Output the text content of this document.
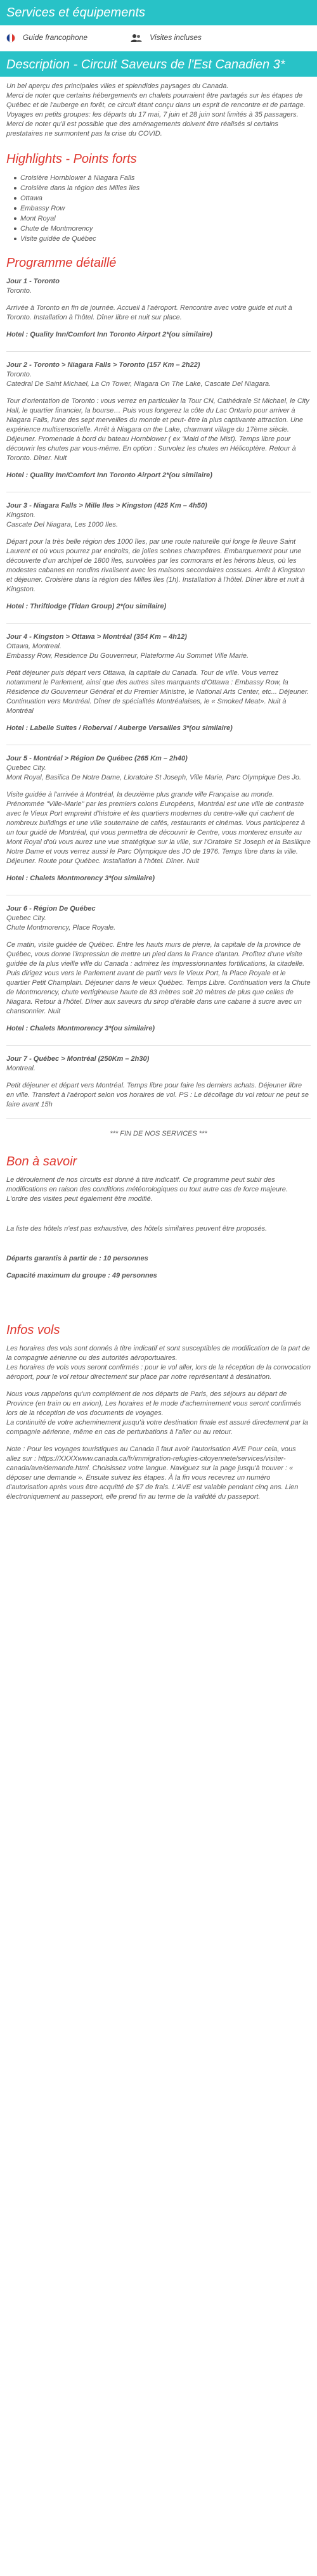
Services et équipements
Guide francophone	Visites incluses
Description - Circuit Saveurs de l'Est Canadien 3*

Un bel aperçu des principales villes et splendides paysages du Canada.

Merci de noter que certains hébergements en chalets pourraient être partagés sur les étapes de Québec et de l'auberge en forêt, ce circuit étant conçu dans un esprit de rencontre et de partage.

Voyages en petits groupes: les départs du 17 mai, 7 juin et 28 juin sont limités à 35 passagers.

Merci de noter qu'il est possible que des aménagements doivent être réalisés si certains prestataires ne surmontent pas la crise du COVID.

Highlights - Points forts
Croisière Hornblower à Niagara Falls
Croisière dans la région des Milles îles
Ottawa
Embassy Row
Mont Royal
Chute de Montmorency
Visite guidée de Québec
Programme détaillé
Jour 1 - Toronto
Toronto.
Arrivée à Toronto en fin de journée. Accueil à l'aéroport. Rencontre avec votre guide et nuit à Toronto. Installation à l'hôtel. Dîner libre et nuit sur place.
Hotel : Quality Inn/Comfort Inn Toronto Airport 2*(ou similaire)
Jour 2 - Toronto > Niagara Falls > Toronto (157 Km – 2h22)
Toronto.
Catedral De Saint Michael, La Cn Tower, Niagara On The Lake, Cascate Del Niagara.
Tour d'orientation de Toronto : vous verrez en particulier la Tour CN, Cathédrale St Michael, le City Hall, le quartier financier, la bourse… Puis vous longerez la côte du Lac Ontario pour arriver à Niagara Falls, l'une des sept merveilles du monde et peut- être la plus captivante attraction. Une expérience multisensorielle. Arrêt à Niagara on the Lake, charmant village du 17ème siècle. Déjeuner. Promenade à bord du bateau Hornblower ( ex 'Maid of the Mist). Temps libre pour découvrir les chutes par vous-même. En option : Survolez les chutes en Hélicoptère. Retour à Toronto. Dîner. Nuit
Hotel : Quality Inn/Comfort Inn Toronto Airport 2*(ou similaire)
Jour 3 - Niagara Falls > Mille Iles > Kingston (425 Km – 4h50)
Kingston.
Cascate Del Niagara, Les 1000 Iles.
Départ pour la très belle région des 1000 îles, par une route naturelle qui longe le fleuve Saint Laurent et où vous pourrez par endroits, de jolies scènes champêtres. Embarquement pour une découverte d'un archipel de 1800 îles, survolées par les cormorans et les hérons bleus, où les modestes cabanes en rondins rivalisent avec les maisons secondaires cossues. Arrêt à Kingston et déjeuner. Croisière dans la région des Milles îles (1h). Installation à l'hôtel. Dîner libre et nuit à Kingston.
Hotel : Thriftlodge (Tidan Group) 2*(ou similaire)
Jour 4 - Kingston > Ottawa > Montréal (354 Km – 4h12)
Ottawa, Montreal.
Embassy Row, Residence Du Gouverneur, Plateforme Au Sommet Ville Marie.
Petit déjeuner puis départ vers Ottawa, la capitale du Canada. Tour de ville. Vous verrez notamment le Parlement, ainsi que des autres sites marquants d'Ottawa : Embassy Row, la Résidence du Gouverneur Général et du Premier Ministre, le National Arts Center, etc... Déjeuner. Continuation vers Montréal. Dîner de spécialités Montréalaises, le « Smoked Meat». Nuit à Montréal
Hotel : Labelle Suites / Roberval / Auberge Versailles 3*(ou similaire)
Jour 5 - Montréal > Région De Québec (265 Km – 2h40)
Quebec City.
Mont Royal, Basilica De Notre Dame, Lloratoire St Joseph, Ville Marie, Parc Olympique Des Jo.
Visite guidée à l'arrivée à Montréal, la deuxième plus grande ville Française au monde. Prénommée "Ville-Marie" par les premiers colons Européens, Montréal est une ville de contraste avec le Vieux Port empreint d'histoire et les quartiers modernes du centre-ville qui cachent de nombreux buildings et une ville souterraine de cafés, restaurants et cinémas. Vous participerez à un tour guidé de Montréal, qui vous permettra de découvrir le Centre, vous monterez ensuite au Mont Royal d'où vous aurez une vue stratégique sur la ville, sur l'Oratoire St Joseph et la Basilique Notre Dame et vous verrez aussi le Parc Olympique des JO de 1976. Temps libre dans la ville. Déjeuner. Route pour Québec. Installation à l'hôtel. Dîner. Nuit
Hotel : Chalets Montmorency 3*(ou similaire)
Jour 6 - Région De Québec
Quebec City.
Chute Montmorency, Place Royale.
Ce matin, visite guidée de Québec. Entre les hauts murs de pierre, la capitale de la province de Québec, vous donne l'impression de mettre un pied dans la France d'antan. Profitez d'une visite guidée de la plus vieille ville du Canada : admirez les impressionnantes fortifications, la citadelle. Puis dirigez vous vers le Parlement avant de partir vers le Vieux Port, la Place Royale et le quartier Petit Champlain. Déjeuner dans le vieux Québec. Temps Libre. Continuation vers la Chute de Montmorency, chute vertigineuse haute de 83 mètres soit 20 mètres de plus que celles de Niagara. Retour à l'hôtel. Dîner aux saveurs du sirop d'érable dans une cabane à sucre avec un chansonnier. Nuit
Hotel : Chalets Montmorency 3*(ou similaire)
Jour 7 - Québec > Montréal (250Km – 2h30)
Montreal.
Petit déjeuner et départ vers Montréal. Temps libre pour faire les derniers achats. Déjeuner libre en ville. Transfert à l'aéroport selon vos horaires de vol. PS : Le décollage du vol retour ne peut se faire avant 15h
*** FIN DE NOS SERVICES ***
Bon à savoir

Le déroulement de nos circuits est donné à titre indicatif. Ce programme peut subir des modifications en raison des conditions météorologiques ou tout autre cas de force majeure. L'ordre des visites peut également être modifié.

La liste des hôtels n'est pas exhaustive, des hôtels similaires peuvent être proposés.

Départs garantis à partir de : 10 personnes

Capacité maximum du groupe : 49 personnes

Infos vols

Les horaires des vols sont donnés à titre indicatif et sont susceptibles de modification de la part de la compagnie aérienne ou des autorités aéroportuaires.
Les horaires de vols vous seront confirmés : pour le vol aller, lors de la réception de la convocation aéroport, pour le vol retour directement sur place par notre représentant à destination.

Nous vous rappelons qu'un complément de nos départs de Paris, des séjours au départ de Province (en train ou en avion), Les horaires et le mode d'acheminement vous seront confirmés lors de la réception de vos documents de voyages.
La continuité de votre acheminement jusqu'à votre destination finale est assuré directement par la compagnie aérienne, même en cas de perturbations à l'aller ou au retour.

Note : Pour les voyages touristiques au Canada il faut avoir l'autorisation AVE Pour cela, vous allez sur : https://XXXXwww.canada.ca/fr/immigration-refugies-citoyennete/services/visiter-canada/ave/demande.html. Choisissez votre langue. Naviguez sur la page jusqu'à trouver : « déposer une demande ». Ensuite suivez les étapes. À la fin vous recevrez un numéro d'autorisation après vous être acquitté de $7 de frais. L'AVE est valable pendant cinq ans. Lien électroniquement au passeport, elle prend fin au terme de la validité du passeport.
